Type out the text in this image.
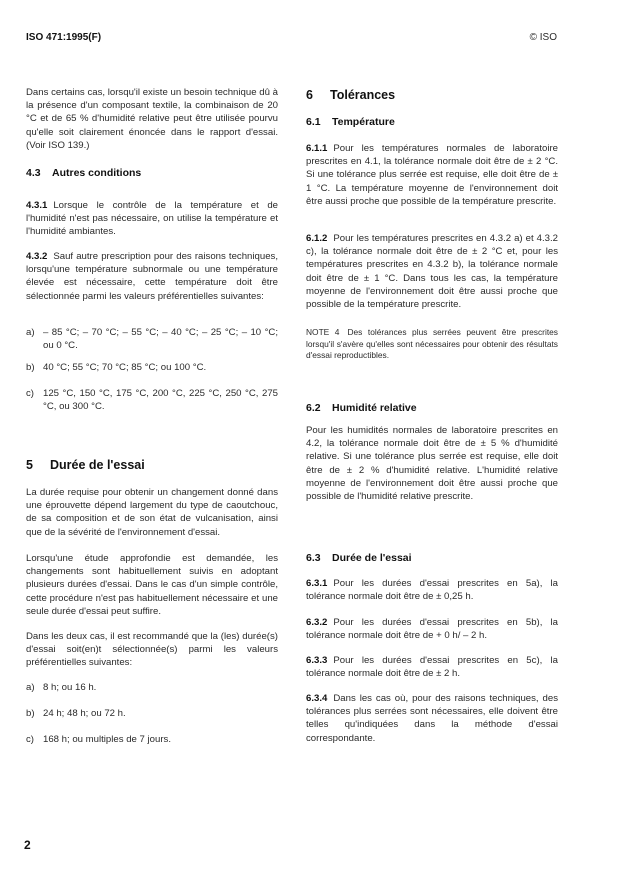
ISO 471:1995(F)	© ISO
Dans certains cas, lorsqu'il existe un besoin technique dû à la présence d'un composant textile, la combinaison de 20 °C et de 65 % d'humidité relative peut être utilisée pourvu qu'elle soit clairement énoncée dans le rapport d'essai. (Voir ISO 139.)
4.3 Autres conditions
4.3.1 Lorsque le contrôle de la température et de l'humidité n'est pas nécessaire, on utilise la température et l'humidité ambiantes.
4.3.2 Sauf autre prescription pour des raisons techniques, lorsqu'une température subnormale ou une température élevée est nécessaire, cette température doit être sélectionnée parmi les valeurs préférentielles suivantes:
a) – 85 °C; – 70 °C; – 55 °C; – 40 °C; – 25 °C; – 10 °C; ou 0 °C.
b) 40 °C; 55 °C; 70 °C; 85 °C; ou 100 °C.
c) 125 °C, 150 °C, 175 °C, 200 °C, 225 °C, 250 °C, 275 °C, ou 300 °C.
5 Durée de l'essai
La durée requise pour obtenir un changement donné dans une éprouvette dépend largement du type de caoutchouc, de sa composition et de son état de vulcanisation, ainsi que de la sévérité de l'environnement d'essai.
Lorsqu'une étude approfondie est demandée, les changements sont habituellement suivis en adoptant plusieurs durées d'essai. Dans le cas d'un simple contrôle, cette procédure n'est pas habituellement nécessaire et une seule durée d'essai peut suffire.
Dans les deux cas, il est recommandé que la (les) durée(s) d'essai soit(en)t sélectionnée(s) parmi les valeurs préférentielles suivantes:
a) 8 h; ou 16 h.
b) 24 h; 48 h; ou 72 h.
c) 168 h; ou multiples de 7 jours.
6 Tolérances
6.1 Température
6.1.1 Pour les températures normales de laboratoire prescrites en 4.1, la tolérance normale doit être de ± 2 °C. Si une tolérance plus serrée est requise, elle doit être de ± 1 °C. La température moyenne de l'environnement doit être aussi proche que possible de la température prescrite.
6.1.2 Pour les températures prescrites en 4.3.2 a) et 4.3.2 c), la tolérance normale doit être de ± 2 °C et, pour les températures prescrites en 4.3.2 b), la tolérance normale doit être de ± 1 °C. Dans tous les cas, la température moyenne de l'environnement doit être aussi proche que possible de la température prescrite.
NOTE 4 Des tolérances plus serrées peuvent être prescrites lorsqu'il s'avère qu'elles sont nécessaires pour obtenir des résultats d'essai reproductibles.
6.2 Humidité relative
Pour les humidités normales de laboratoire prescrites en 4.2, la tolérance normale doit être de ± 5 % d'humidité relative. Si une tolérance plus serrée est requise, elle doit être de ± 2 % d'humidité relative. L'humidité relative moyenne de l'environnement doit être aussi proche que possible de l'humidité relative prescrite.
6.3 Durée de l'essai
6.3.1 Pour les durées d'essai prescrites en 5a), la tolérance normale doit être de ± 0,25 h.
6.3.2 Pour les durées d'essai prescrites en 5b), la tolérance normale doit être de + 0 h/ – 2 h.
6.3.3 Pour les durées d'essai prescrites en 5c), la tolérance normale doit être de ± 2 h.
6.3.4 Dans les cas où, pour des raisons techniques, des tolérances plus serrées sont nécessaires, elle doivent être telles qu'indiquées dans la méthode d'essai correspondante.
2
